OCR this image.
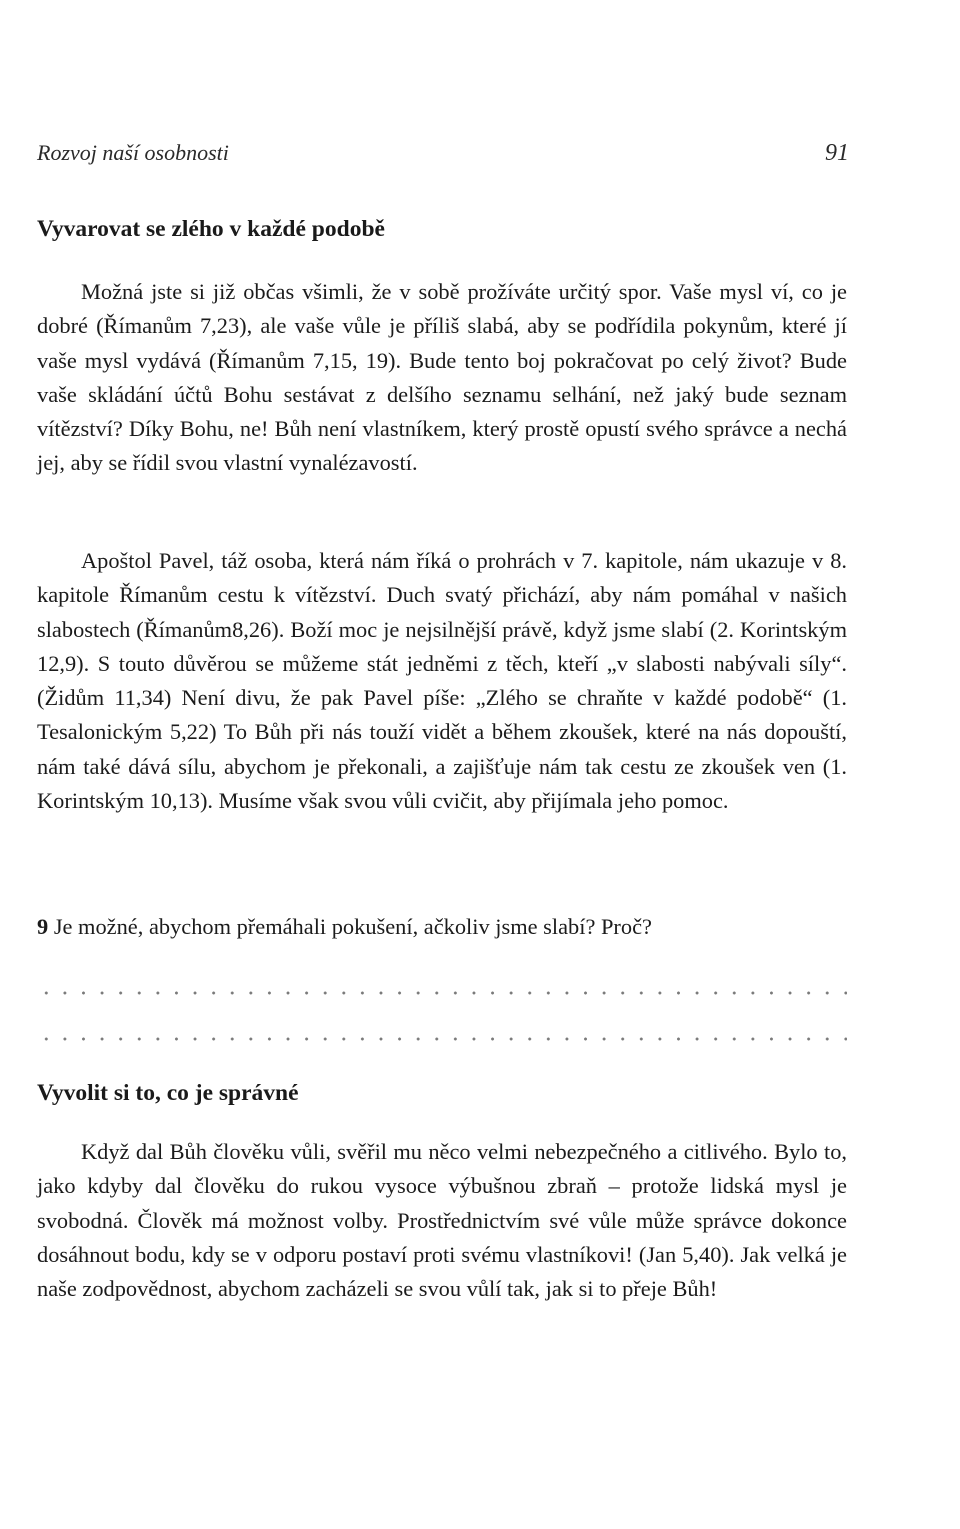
Rozvoj naší osobnosti	91
Vyvarovat se zlého v každé podobě

Možná jste si již občas všimli, že v sobě prožíváte určitý spor. Vaše mysl ví, co je dobré (Římanům 7,23), ale vaše vůle je příliš slabá, aby se podřídila pokynům, které jí vaše mysl vydává (Římanům 7,15, 19). Bude tento boj pokračovat po celý život? Bude vaše skládání účtů Bohu sestávat z delšího seznamu selhání, než jaký bude seznam vítězství? Díky Bohu, ne! Bůh není vlastníkem, který prostě opustí svého správce a nechá jej, aby se řídil svou vlastní vynalézavostí.

Apoštol Pavel, táž osoba, která nám říká o prohrách v 7. kapitole, nám ukazuje v 8. kapitole Římanům cestu k vítězství. Duch svatý přichází, aby nám pomáhal v našich slabostech (Římanům8,26). Boží moc je nejsilnější právě, když jsme slabí (2. Korintským 12,9). S touto důvěrou se můžeme stát jedněmi z těch, kteří „v slabosti nabývali síly“. (Židům 11,34) Není divu, že pak Pavel píše: „Zlého se chraňte v každé podobě“ (1. Tesalonickým 5,22) To Bůh při nás touží vidět a během zkoušek, které na nás dopouští, nám také dává sílu, abychom je překonali, a zajišťuje nám tak cestu ze zkoušek ven (1. Korintským 10,13). Musíme však svou vůli cvičit, aby přijímala jeho pomoc.

9 Je možné, abychom přemáhali pokušení, ačkoliv jsme slabí? Proč?

Vyvolit si to, co je správné

Když dal Bůh člověku vůli, svěřil mu něco velmi nebezpečného a citlivého. Bylo to, jako kdyby dal člověku do rukou vysoce výbušnou zbraň – protože lidská mysl je svobodná. Člověk má možnost volby. Prostřednictvím své vůle může správce dokonce dosáhnout bodu, kdy se v odporu postaví proti svému vlastníkovi! (Jan 5,40). Jak velká je naše zodpovědnost, abychom zacházeli se svou vůlí tak, jak si to přeje Bůh!
